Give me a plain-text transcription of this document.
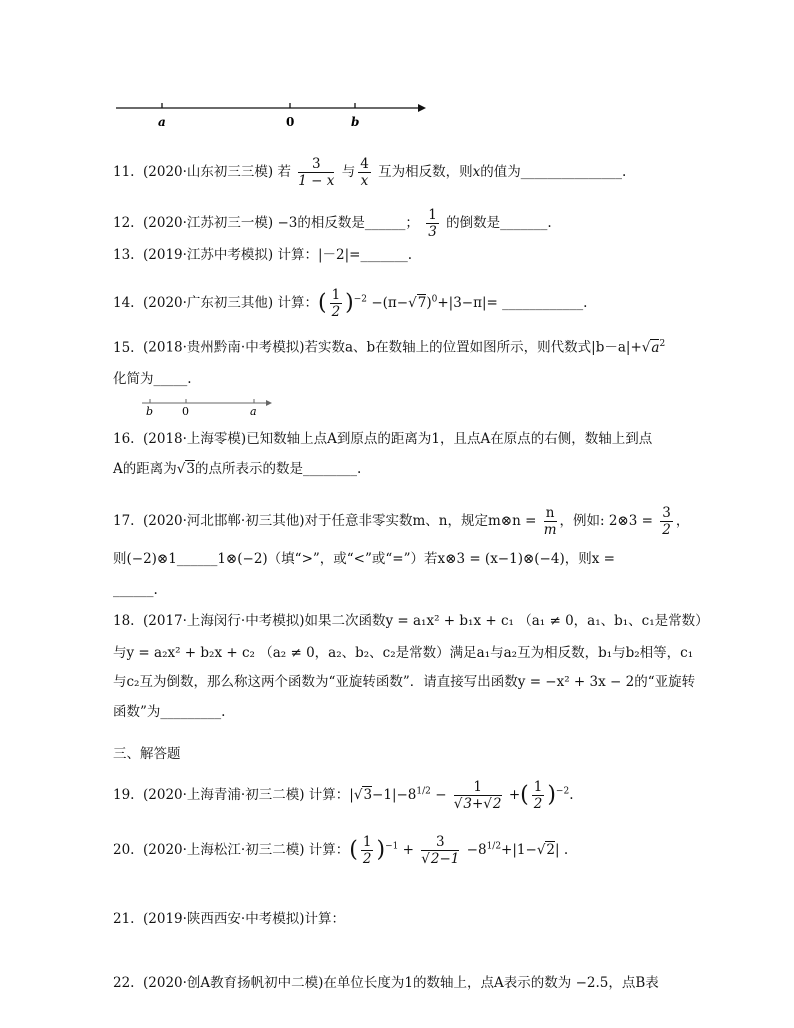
a	0	b
11. (2020·山东初三三模) 若 $\frac{3}{1 - x}$ 与 $\frac{4}{x}$ 互为相反数，则x的值为_______________.
12. (2020·江苏初三一模) −3的相反数是______； $\frac{1}{3}$ 的倒数是_______.
13. (2019·江苏中考模拟) 计算：|－2|=_______.
14. (2020·广东初三其他) 计算：( $\frac{1}{2} )^{-2} -(\pi-√7)^0+|3-\pi|=$ ____________.
15. (2018·贵州黔南·中考模拟)若实数a、b在数轴上的位置如图所示，则代数式$|b-a|+√a^2$
化简为_____.
b	0	a
16. (2018·上海零模)已知数轴上点A到原点的距离为1，且点A在原点的右侧，数轴上到点
A的距离为√3的点所表示的数是________.
17. (2020·河北邯郸·初三其他)对于任意非零实数m、n，规定m⊗n = $\frac{n}{m}$ ，例如: 2⊗3 = $\frac{3}{2}$ ，
则(−2)⊗1______1⊗(−2)（填“>”，或“<”或“=”）若x⊗3 = (x−1)⊗(−4)，则x =
______.
18. (2017·上海闵行·中考模拟)如果二次函数y = a₁x² + b₁x + c₁ （a₁ ≠ 0，a₁、b₁、c₁是常数）
与y = a₂x² + b₂x + c₂ （a₂ ≠ 0，a₂、b₂、c₂是常数）满足a₁与a₂互为相反数，b₁与b₂相等，c₁
与c₂互为倒数，那么称这两个函数为“亚旋转函数”．请直接写出函数y = −x² + 3x − 2的“亚旋转
函数”为_________.
三、解答题
19. (2020·上海青浦·初三二模) 计算：$|√3-1|-8^{1/2} - \frac{1}{√3+√2}$ +( $\frac{1}{2} )^{-2}$.
20. (2020·上海松江·初三二模) 计算：( $\frac{1}{2} )^{-1} + \frac{3}{√2-1} -8^{1/2}+|1-√2|$ .
21. (2019·陕西西安·中考模拟)计算：
22. (2020·创A教育扬帆初中二模)在单位长度为1的数轴上，点A表示的数为 −2.5，点B表
